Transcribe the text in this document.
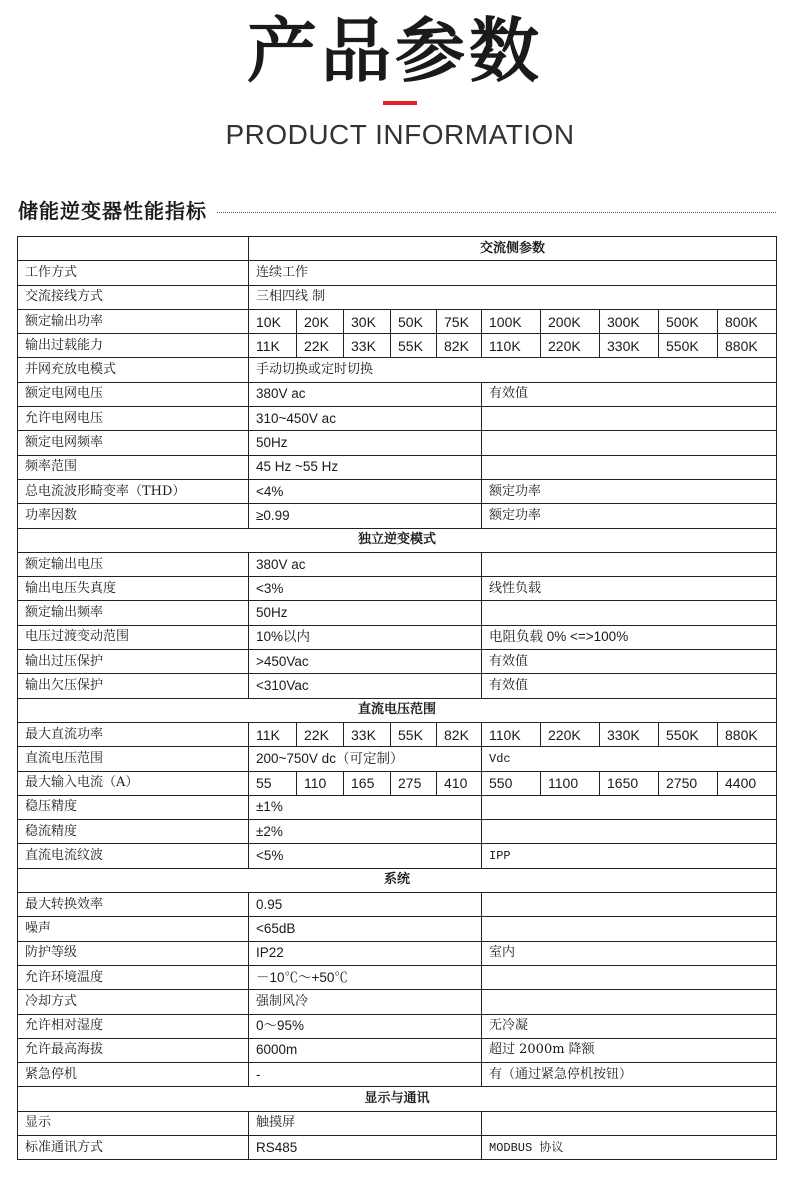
产品参数
PRODUCT INFORMATION
储能逆变器性能指标
	交流侧参数									
工作方式	连续工作									
交流接线方式	三相四线 制									
额定输出功率	10K	20K	30K	50K	75K	100K	200K	300K	500K	800K
输出过载能力	11K	22K	33K	55K	82K	110K	220K	330K	550K	880K
并网充放电模式	手动切换或定时切换									
额定电网电压	380V ac					有效值				
允许电网电压	310~450V ac									
额定电网频率	50Hz									
频率范围	45 Hz ~55 Hz									
总电流波形畸变率（THD）	<4%					额定功率				
功率因数	≥0.99					额定功率				
独立逆变模式										
额定输出电压	380V ac									
输出电压失真度	<3%					线性负载				
额定输出频率	50Hz									
电压过渡变动范围	10%以内					电阻负载 0% <=>100%				
输出过压保护	>450Vac					有效值				
输出欠压保护	<310Vac					有效值				
直流电压范围										
最大直流功率	11K	22K	33K	55K	82K	110K	220K	330K	550K	880K
直流电压范围	200~750V dc（可定制）					Vdc				
最大输入电流（A）	55	110	165	275	410	550	1100	1650	2750	4400
稳压精度	±1%									
稳流精度	±2%									
直流电流纹波	<5%					IPP				
系统										
最大转换效率	0.95									
噪声	<65dB									
防护等级	IP22					室内				
允许环境温度	－10℃～+50℃									
冷却方式	强制风冷									
允许相对湿度	0～95%					无冷凝				
允许最高海拔	6000m					超过 2000m 降额				
紧急停机	-					有（通过紧急停机按钮）				
显示与通讯										
显示	触摸屏									
标准通讯方式	RS485					MODBUS 协议				
